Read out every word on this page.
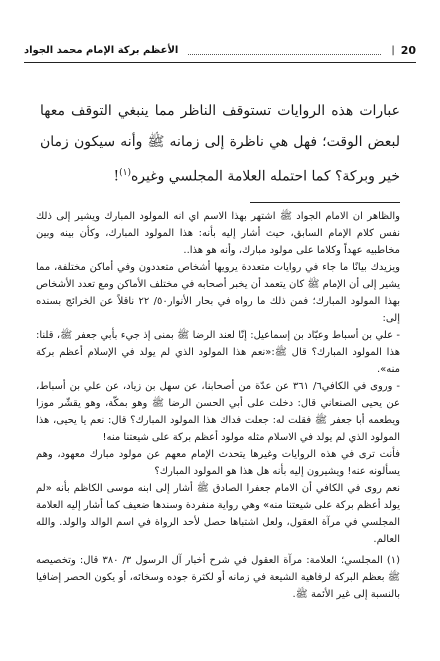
20
|
الأعظم بركة الإمام محمد الجواد
عبارات هذه الروايات تستوقف الناظر مما ينبغي التوقف معها لبعض الوقت؛ فهل هي ناظرة إلى زمانه ﷺ وأنه سيكون زمان خير وبركة؟ كما احتمله العلامة المجلسي وغيره$^{(١)}$!

والظاهر ان الامام الجواد ﷺ اشتهر بهذا الاسم اي انه المولود المبارك ويشير إلى ذلك نفس كلام الإمام السابق، حيث أشار إليه بأنه: هذا المولود المبارك، وكأن بينه وبين مخاطبيه عهداً وكلاما على مولود مبارك، وأنه هو هذا..

ويزيدك بيانًا ما جاء في روايات متعددة يرويها أشخاص متعددون وفي أماكن مختلفة، مما يشير إلى أن الإمام ﷺ كان يتعمد أن يخبر أصحابه في مختلف الأماكن ومع تعدد الأشخاص بهذا المولود المبارك؛ فمن ذلك ما رواه في بحار الأنوار٥٠/ ٢٢ ناقلاً عن الخرائج بسنده إلى:

- علي بن أسباط وعبّاد بن إسماعيل: إنّا لعند الرضا ﷺ بمنى إذ جيء بأبي جعفر ﷺ، قلنا: هذا المولود المبارك؟ قال ﷺ:«نعم هذا المولود الذي لم يولد في الإسلام أعظم بركة منه».

- وروى في الكافي٦/ ٣٦١ عن عدّة من أصحابنا، عن سهل بن زياد، عن علي بن أسباط، عن يحيى الصنعاني قال: دخلت على أبي الحسن الرضا ﷺ وهو بمكّة، وهو يقشّر موزا ويطعمه أبا جعفر ﷺ فقلت له: جعلت فداك هذا المولود المبارك؟ قال: نعم يا يحيى، هذا المولود الذي لم يولد في الاسلام مثله مولود أعظم بركة على شيعتنا منه!

فأنت ترى في هذه الروايات وغيرها يتحدث الإمام معهم عن مولود مبارك معهود، وهم يسألونه عنه! ويشيرون إليه بأنه هل هذا هو المولود المبارك؟

نعم روى في الكافي أن الامام جعفرا الصادق ﷺ أشار إلى ابنه موسى الكاظم بأنه «لم يولد أعظم بركة على شيعتنا منه» وهي رواية منفردة وسندها ضعيف كما أشار إليه العلامة المجلسي في مرآة العقول، ولعل اشتباها حصل لأحد الرواة في اسم الوالد والولد. والله العالم.

(١) المجلسي؛ العلامة: مرآة العقول في شرح أخبار آل الرسول ٣/ ٣٨٠ قال: وتخصيصه ﷺ بعظم البركة لرفاهية الشيعة في زمانه أو لكثرة جوده وسخائه، أو يكون الحصر إضافيا بالنسبة إلى غير الأئمة ﷺ.
